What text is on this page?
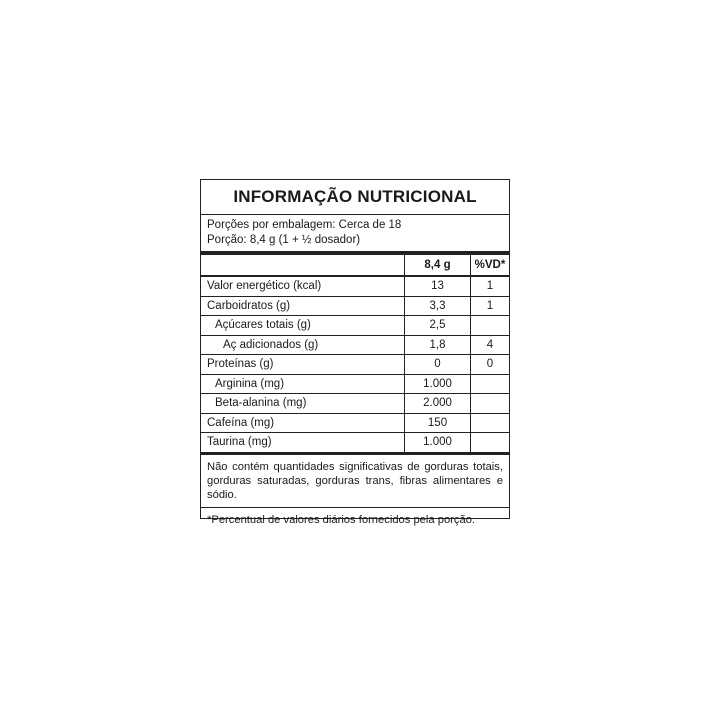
INFORMAÇÃO NUTRICIONAL
Porções por embalagem: Cerca de 18
Porção: 8,4 g (1 + ½ dosador)
	8,4 g	%VD*
Valor energético (kcal)	13	1
Carboidratos (g)	3,3	1
Açúcares totais (g)	2,5	
Aç adicionados (g)	1,8	4
Proteínas (g)	0	0
Arginina (mg)	1.000	
Beta-alanina (mg)	2.000	
Cafeína (mg)	150	
Taurina (mg)	1.000	
Não contém quantidades significativas de gorduras totais, gorduras saturadas, gorduras trans, fibras alimentares e sódio.
*Percentual de valores diários fornecidos pela porção.
